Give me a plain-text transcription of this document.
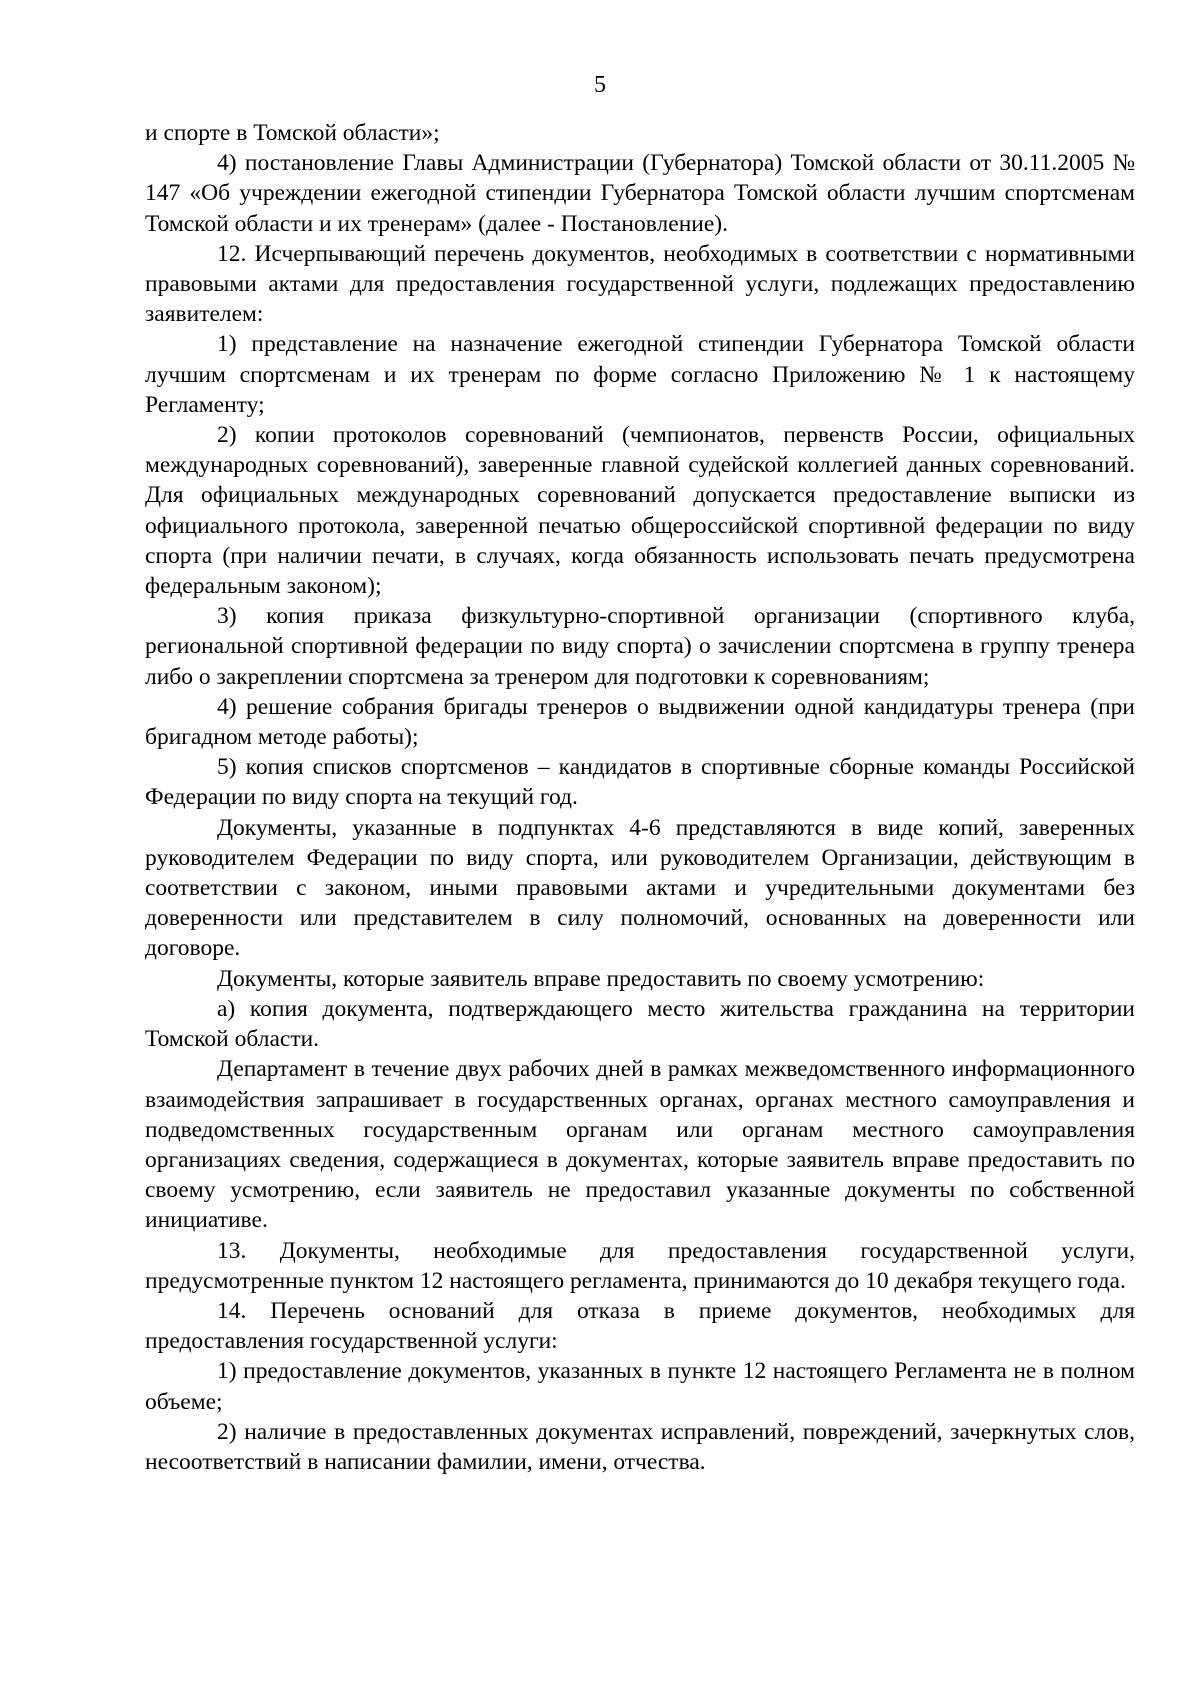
5

и спорте в Томской области»;

4) постановление Главы Администрации (Губернатора) Томской области от 30.11.2005 № 147 «Об учреждении ежегодной стипендии Губернатора Томской области лучшим спортсменам Томской области и их тренерам» (далее - Постановление).

12. Исчерпывающий перечень документов, необходимых в соответствии с нормативными правовыми актами для предоставления государственной услуги, подлежащих предоставлению заявителем:

1) представление на назначение ежегодной стипендии Губернатора Томской области лучшим спортсменам и их тренерам по форме согласно Приложению № 1 к настоящему Регламенту;

2) копии протоколов соревнований (чемпионатов, первенств России, официальных международных соревнований), заверенные главной судейской коллегией данных соревнований. Для официальных международных соревнований допускается предоставление выписки из официального протокола, заверенной печатью общероссийской спортивной федерации по виду спорта (при наличии печати, в случаях, когда обязанность использовать печать предусмотрена федеральным законом);

3) копия приказа физкультурно-спортивной организации (спортивного клуба, региональной спортивной федерации по виду спорта) о зачислении спортсмена в группу тренера либо о закреплении спортсмена за тренером для подготовки к соревнованиям;

4) решение собрания бригады тренеров о выдвижении одной кандидатуры тренера (при бригадном методе работы);

5) копия списков спортсменов – кандидатов в спортивные сборные команды Российской Федерации по виду спорта на текущий год.

Документы, указанные в подпунктах 4-6 представляются в виде копий, заверенных руководителем Федерации по виду спорта, или руководителем Организации, действующим в соответствии с законом, иными правовыми актами и учредительными документами без доверенности или представителем в силу полномочий, основанных на доверенности или договоре.

Документы, которые заявитель вправе предоставить по своему усмотрению:

а) копия документа, подтверждающего место жительства гражданина на территории Томской области.

Департамент в течение двух рабочих дней в рамках межведомственного информационного взаимодействия запрашивает в государственных органах, органах местного самоуправления и подведомственных государственным органам или органам местного самоуправления организациях сведения, содержащиеся в документах, которые заявитель вправе предоставить по своему усмотрению, если заявитель не предоставил указанные документы по собственной инициативе.

13. Документы, необходимые для предоставления государственной услуги, предусмотренные пунктом 12 настоящего регламента, принимаются до 10 декабря текущего года.

14. Перечень оснований для отказа в приеме документов, необходимых для предоставления государственной услуги:

1) предоставление документов, указанных в пункте 12 настоящего Регламента не в полном объеме;

2) наличие в предоставленных документах исправлений, повреждений, зачеркнутых слов, несоответствий в написании фамилии, имени, отчества.
